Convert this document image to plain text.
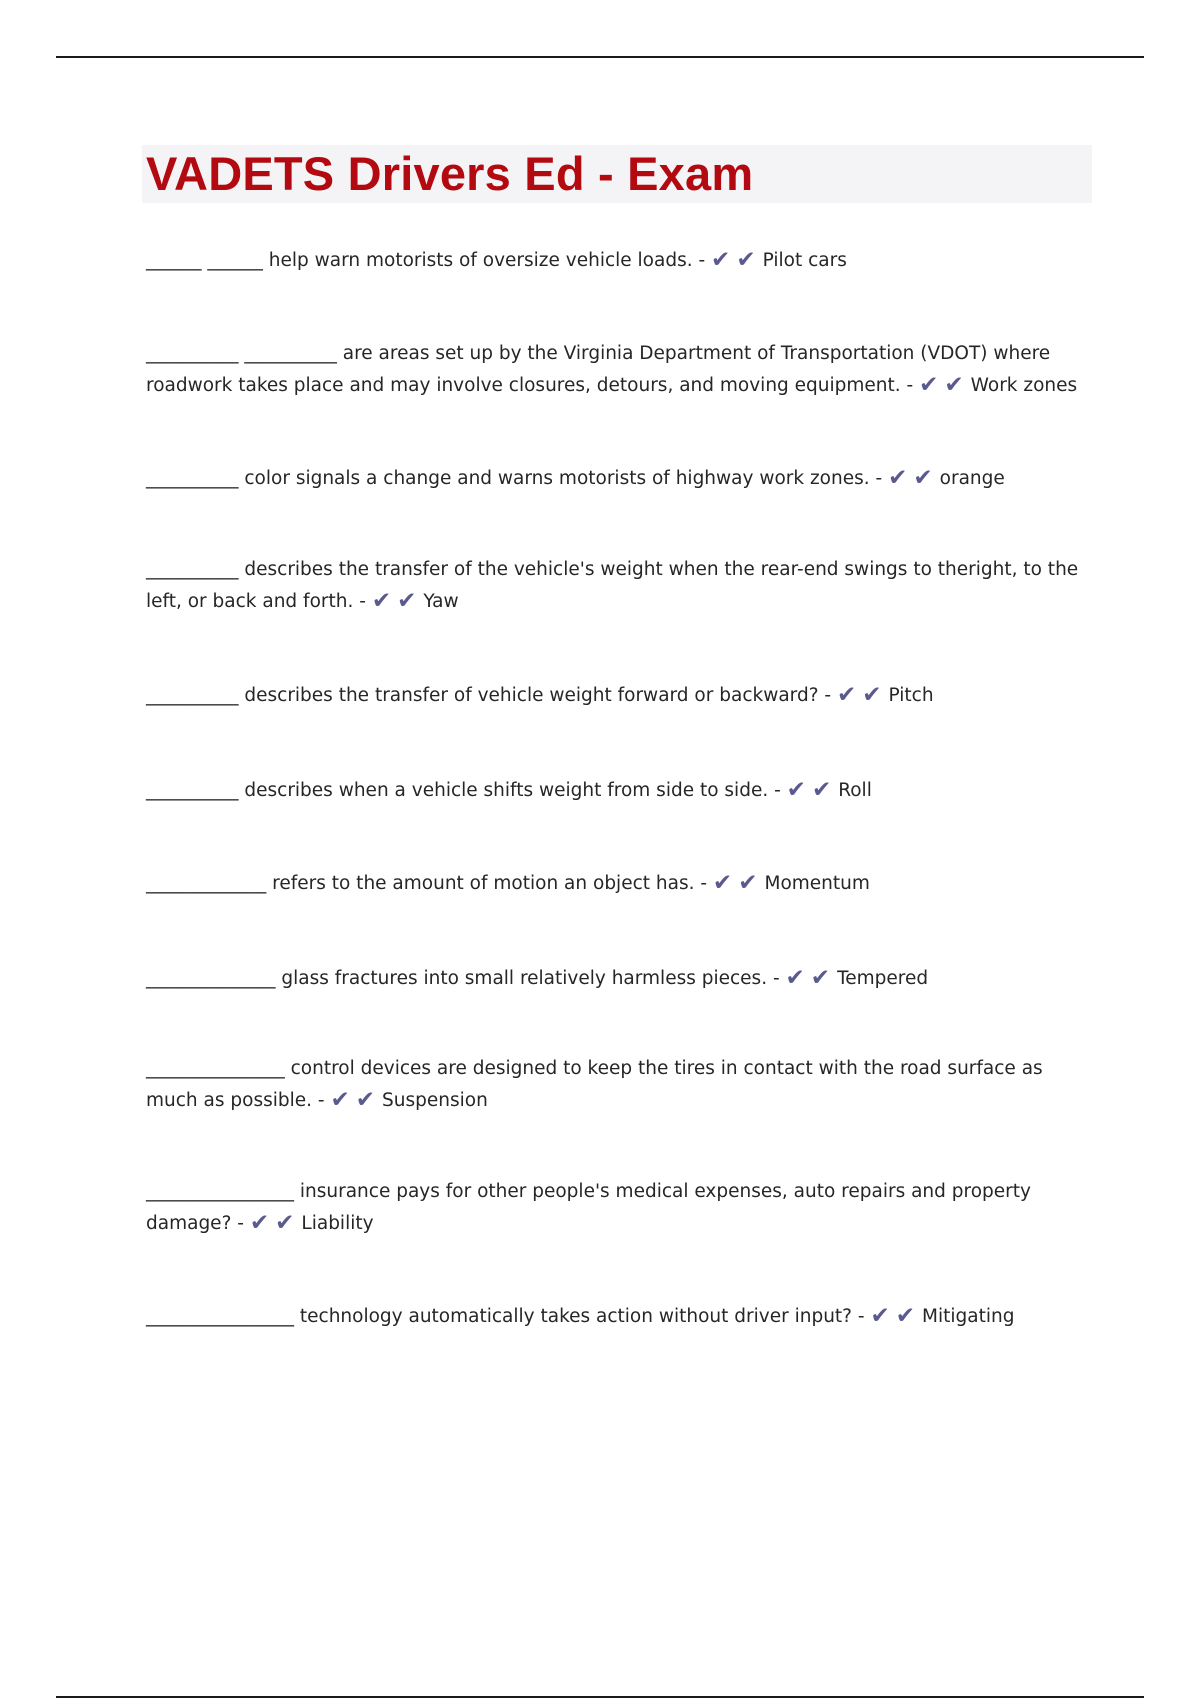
VADETS Drivers Ed - Exam

______ ______ help warn motorists of oversize vehicle loads. - ✔ ✔ Pilot cars

__________ __________ are areas set up by the Virginia Department of Transportation (VDOT) where roadwork takes place and may involve closures, detours, and moving equipment. - ✔ ✔ Work zones

__________ color signals a change and warns motorists of highway work zones. - ✔ ✔ orange

__________ describes the transfer of the vehicle's weight when the rear-end swings to theright, to the left, or back and forth. - ✔ ✔ Yaw

__________ describes the transfer of vehicle weight forward or backward? - ✔ ✔ Pitch

__________ describes when a vehicle shifts weight from side to side. - ✔ ✔ Roll

_____________ refers to the amount of motion an object has. - ✔ ✔ Momentum

______________ glass fractures into small relatively harmless pieces. - ✔ ✔ Tempered

_______________ control devices are designed to keep the tires in contact with the road surface as much as possible. - ✔ ✔ Suspension

________________ insurance pays for other people's medical expenses, auto repairs and property damage? - ✔ ✔ Liability

________________ technology automatically takes action without driver input? - ✔ ✔ Mitigating
